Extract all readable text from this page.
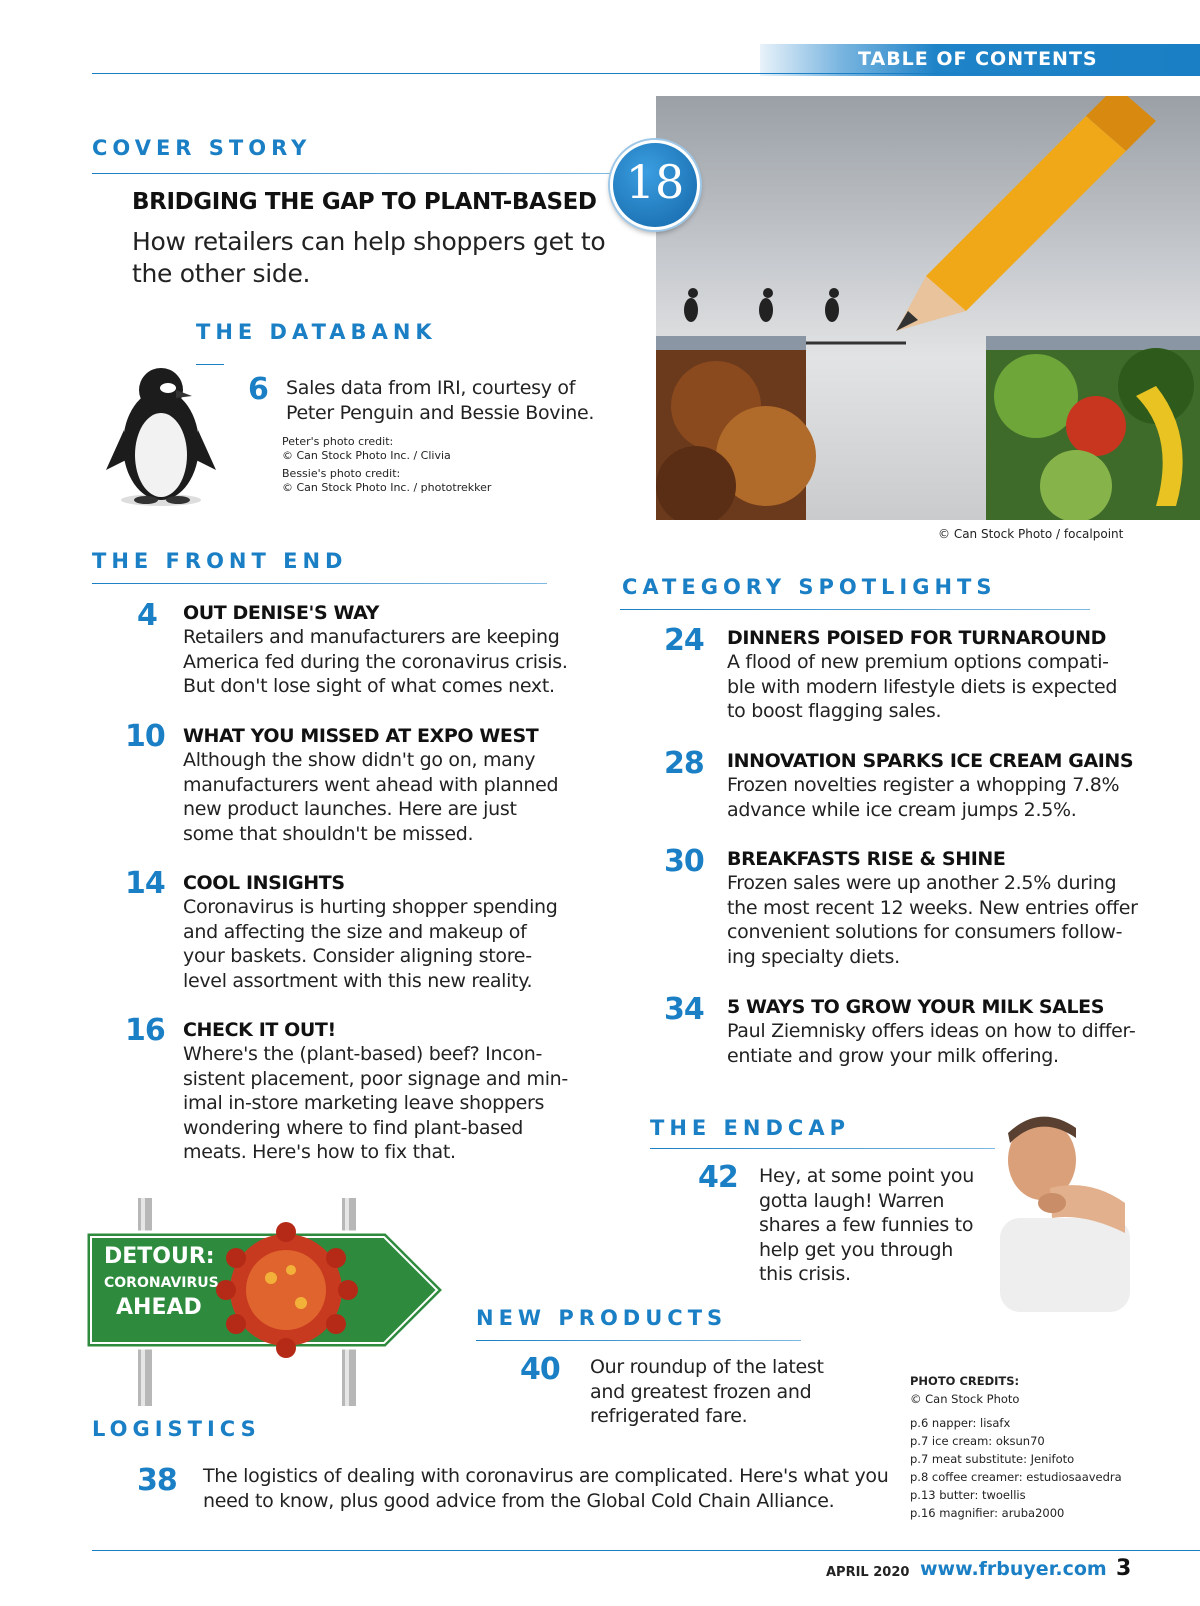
TABLE OF CONTENTS
COVER STORY
BRIDGING THE GAP TO PLANT-BASED
How retailers can help shoppers get to
the other side.
18
© Can Stock Photo / focalpoint
THE DATABANK
6 Sales data from IRI, courtesy of
Peter Penguin and Bessie Bovine.
Peter's photo credit:
© Can Stock Photo Inc. / Clivia
Bessie's photo credit:
© Can Stock Photo Inc. / phototrekker
THE FRONT END
4 OUT DENISE'S WAY
Retailers and manufacturers are keeping
America fed during the coronavirus crisis.
But don't lose sight of what comes next.
10 WHAT YOU MISSED AT EXPO WEST
Although the show didn't go on, many
manufacturers went ahead with planned
new product launches. Here are just
some that shouldn't be missed.
14 COOL INSIGHTS
Coronavirus is hurting shopper spending
and affecting the size and makeup of
your baskets. Consider aligning store-
level assortment with this new reality.
16 CHECK IT OUT!
Where's the (plant-based) beef? Incon-
sistent placement, poor signage and min-
imal in-store marketing leave shoppers
wondering where to find plant-based
meats. Here's how to fix that.
CATEGORY SPOTLIGHTS
24 DINNERS POISED FOR TURNAROUND
A flood of new premium options compati-
ble with modern lifestyle diets is expected
to boost flagging sales.
28 INNOVATION SPARKS ICE CREAM GAINS
Frozen novelties register a whopping 7.8%
advance while ice cream jumps 2.5%.
30 BREAKFASTS RISE & SHINE
Frozen sales were up another 2.5% during
the most recent 12 weeks. New entries offer
convenient solutions for consumers follow-
ing specialty diets.
34 5 WAYS TO GROW YOUR MILK SALES
Paul Ziemnisky offers ideas on how to differ-
entiate and grow your milk offering.
THE ENDCAP
42 Hey, at some point you
gotta laugh! Warren
shares a few funnies to
help get you through
this crisis.
DETOUR:
CORONAVIRUS
AHEAD	NEW PRODUCTS
40 Our roundup of the latest
and greatest frozen and
refrigerated fare.
LOGISTICS
38 The logistics of dealing with coronavirus are complicated. Here's what you
need to know, plus good advice from the Global Cold Chain Alliance.
PHOTO CREDITS:
© Can Stock Photo
p.6 napper: lisafx
p.7 ice cream: oksun70
p.7 meat substitute: Jenifoto
p.8 coffee creamer: estudiosaavedra
p.13 butter: twoellis
p.16 magnifier: aruba2000
APRIL 2020 www.frbuyer.com 3
